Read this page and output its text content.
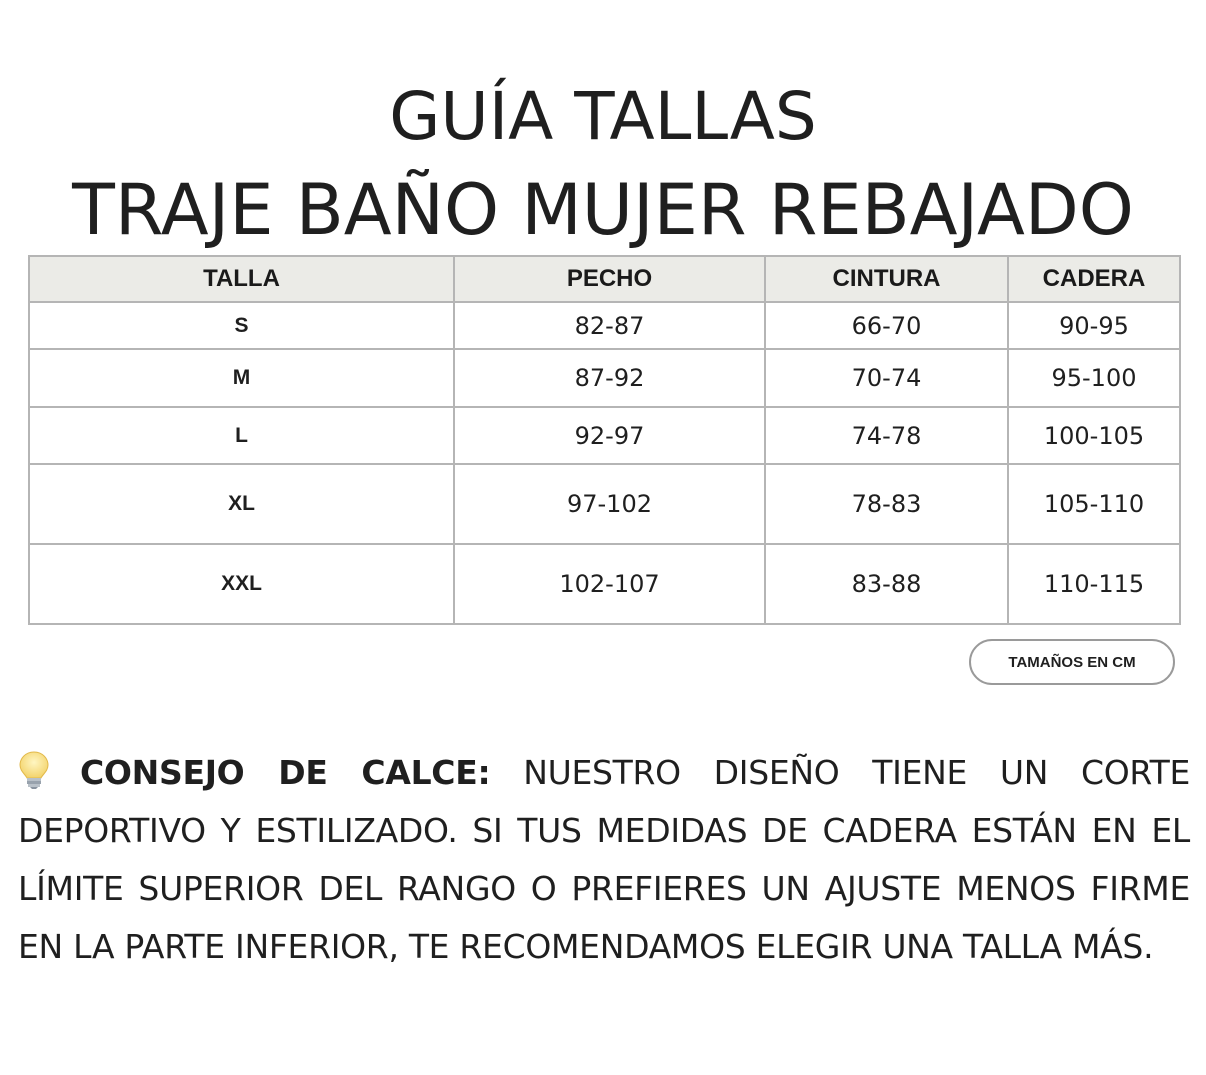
GUÍA TALLAS
TRAJE BAÑO MUJER REBAJADO
TALLA	PECHO	CINTURA	CADERA
S	82-87	66-70	90-95
M	87-92	70-74	95-100
L	92-97	74-78	100-105
XL	97-102	78-83	105-110
XXL	102-107	83-88	110-115
TAMAÑOS EN CM
CONSEJO DE CALCE: NUESTRO DISEÑO TIENE UN CORTE DEPORTIVO Y ESTILIZADO. SI TUS MEDIDAS DE CADERA ESTÁN EN EL LÍMITE SUPERIOR DEL RANGO O PREFIERES UN AJUSTE MENOS FIRME EN LA PARTE INFERIOR, TE RECOMENDAMOS ELEGIR UNA TALLA MÁS.
